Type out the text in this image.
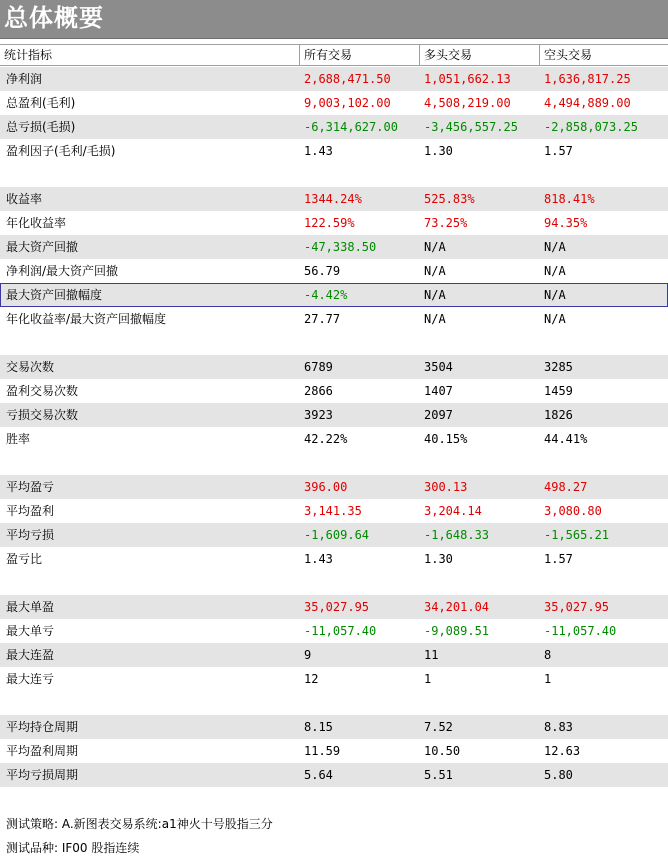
总体概要
统计指标	所有交易	多头交易	空头交易
净利润	2,688,471.50	1,051,662.13	1,636,817.25
总盈利(毛利)	9,003,102.00	4,508,219.00	4,494,889.00
总亏损(毛损)	-6,314,627.00 -3,456,557.25 -2,858,073.25
盈利因子(毛利/毛损)	1.43	1.30	1.57
收益率	1344.24%	525.83%	818.41%
年化收益率	122.59%	73.25%	94.35%
最大资产回撤	-47,338.50	N/A	N/A
净利润/最大资产回撤	56.79	N/A	N/A
最大资产回撤幅度	-4.42%	N/A	N/A
年化收益率/最大资产回撤幅度	27.77	N/A	N/A
交易次数	6789	3504	3285
盈利交易次数	2866	1407	1459
亏损交易次数	3923	2097	1826
胜率	42.22%	40.15%	44.41%
平均盈亏	396.00	300.13	498.27
平均盈利	3,141.35	3,204.14	3,080.80
平均亏损	-1,609.64	-1,648.33	-1,565.21
盈亏比	1.43	1.30	1.57
最大单盈	35,027.95	34,201.04	35,027.95
最大单亏	-11,057.40	-9,089.51	-11,057.40
最大连盈	9	11	8
最大连亏	12	1	1
平均持仓周期	8.15	7.52	8.83
平均盈利周期	11.59	10.50	12.63
平均亏损周期	5.64	5.51	5.80
测试策略: A.新图表交易系统:a1神火十号股指三分
测试品种: IF00 股指连续
